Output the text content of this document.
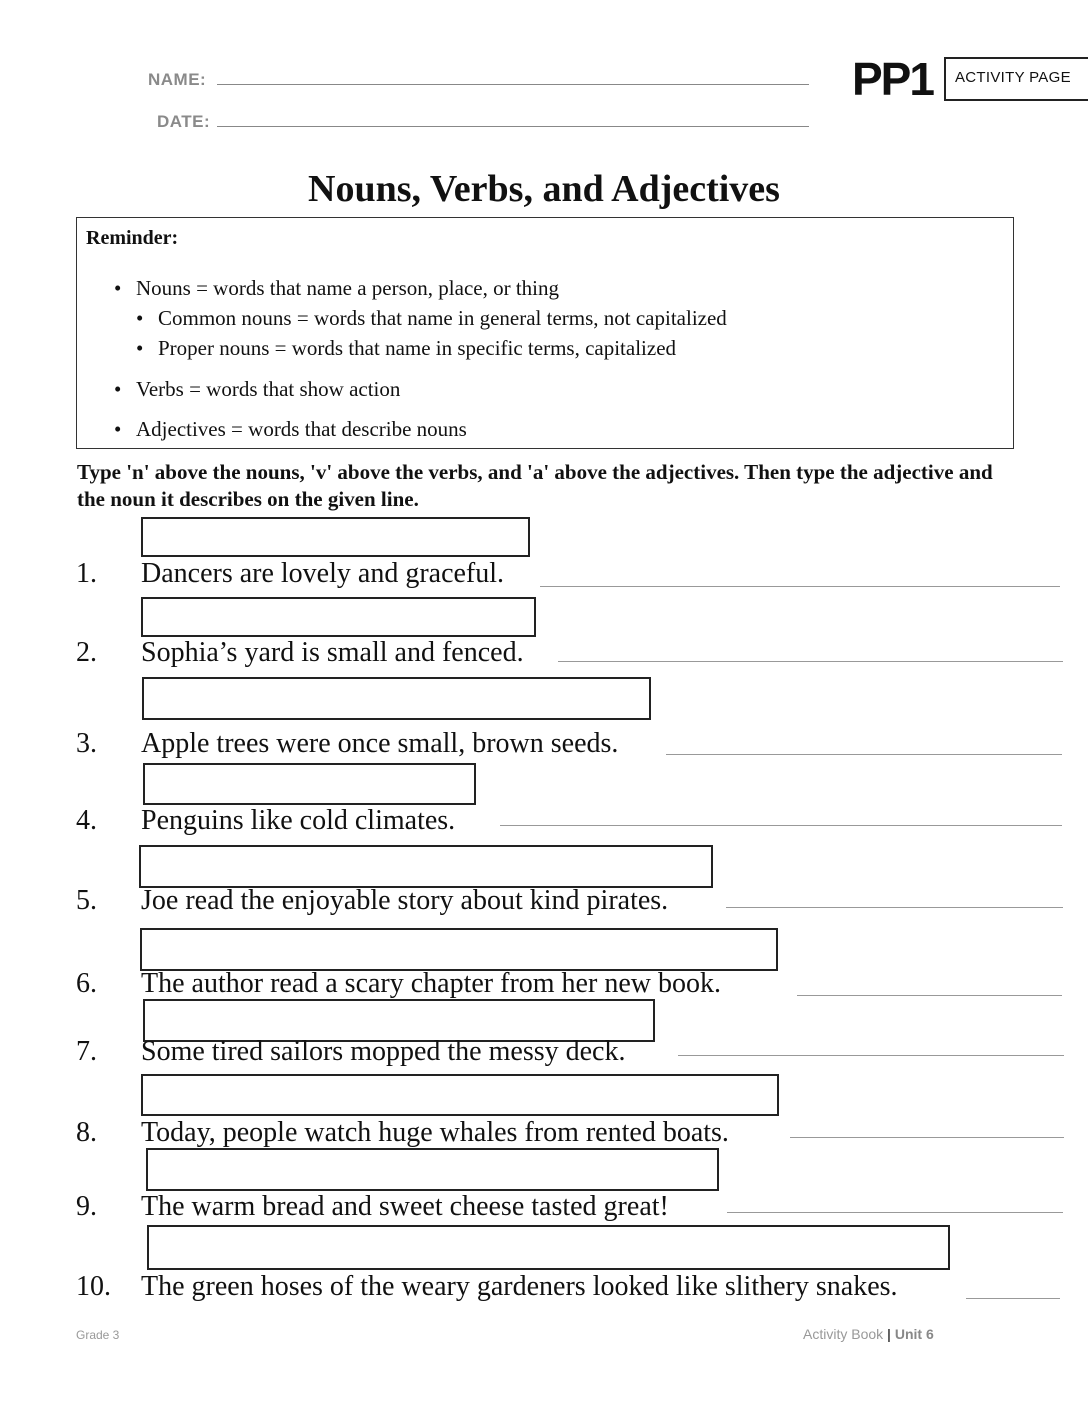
NAME:
DATE:
PP1	ACTIVITY PAGE
Nouns, Verbs, and Adjectives
Reminder:
• Nouns = words that name a person, place, or thing
• Common nouns = words that name in general terms, not capitalized
• Proper nouns = words that name in specific terms, capitalized
• Verbs = words that show action
• Adjectives = words that describe nouns
Type 'n' above the nouns, 'v' above the verbs, and 'a' above the adjectives. Then type the adjective and the noun it describes on the given line.
1. Dancers are lovely and graceful.
2. Sophia’s yard is small and fenced.
3. Apple trees were once small, brown seeds.
4. Penguins like cold climates.
5. Joe read the enjoyable story about kind pirates.
6. The author read a scary chapter from her new book.
7. Some tired sailors mopped the messy deck.
8. Today, people watch huge whales from rented boats.
9. The warm bread and sweet cheese tasted great!
10. The green hoses of the weary gardeners looked like slithery snakes.
Grade 3	Activity Book | Unit 6
